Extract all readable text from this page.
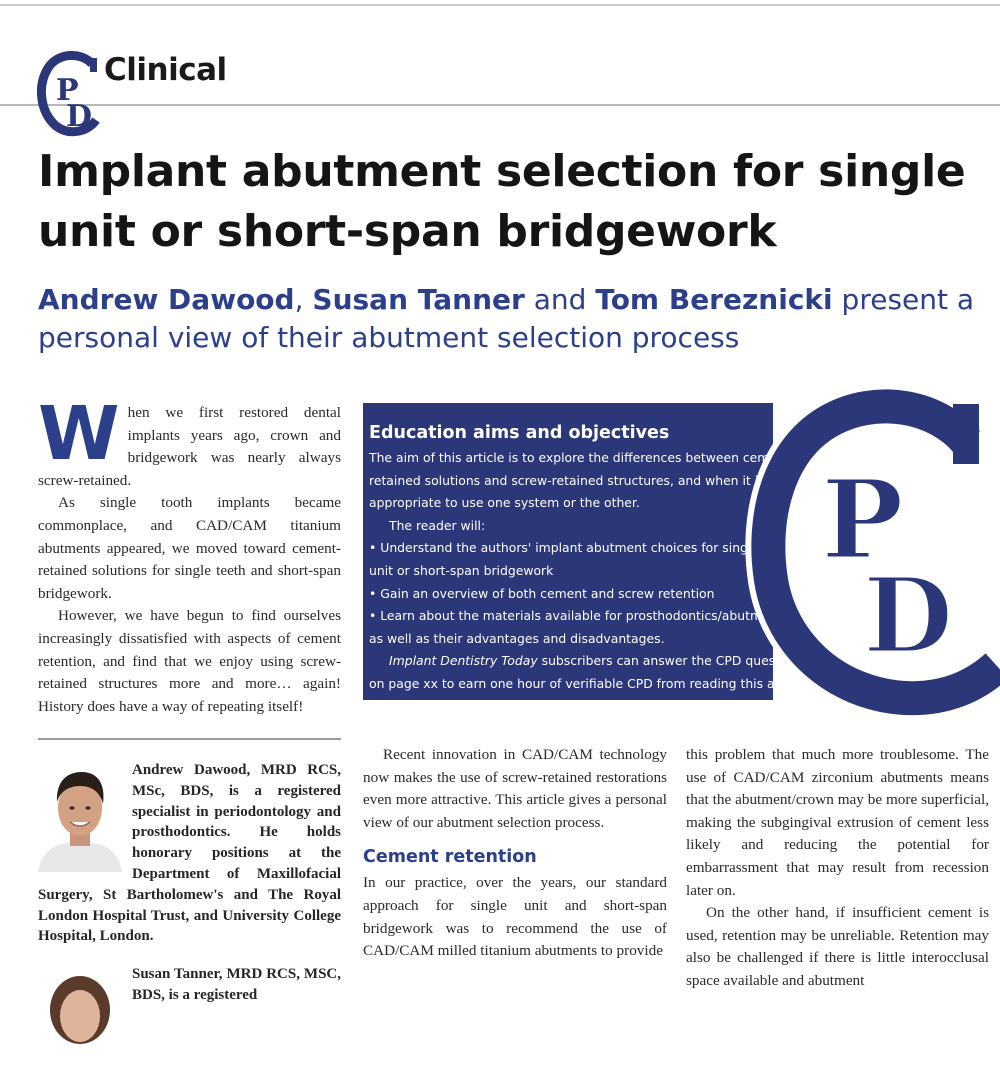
P
D
Clinical
Implant abutment selection for single unit or short-span bridgework
Andrew Dawood, Susan Tanner and Tom Bereznicki present a
personal view of their abutment selection process
W hen we first restored dental implants years ago, crown and bridgework was nearly always screw-retained.

As single tooth implants became commonplace, and CAD/CAM titanium abutments appeared, we moved toward cement-retained solutions for single teeth and short-span bridgework.

However, we have begun to find ourselves increasingly dissatisfied with aspects of cement retention, and find that we enjoy using screw-retained structures more and more… again! History does have a way of repeating itself!

Andrew Dawood, MRD RCS, MSc, BDS, is a registered specialist in periodontology and prosthodontics. He holds honorary positions at the Department of Maxillofacial Surgery, St Bartholomew's and The Royal London Hospital Trust, and University College Hospital, London.
Susan Tanner, MRD RCS, MSC, BDS, is a registered
Education aims and objectives
The aim of this article is to explore the differences between cement-
retained solutions and screw-retained structures, and when it is most
appropriate to use one system or the other.
The reader will:
• Understand the authors' implant abutment choices for single
unit or short-span bridgework
• Gain an overview of both cement and screw retention
• Learn about the materials available for prosthodontics/abutments,
as well as their advantages and disadvantages.
Implant Dentistry Today subscribers can answer the CPD questions
on page xx to earn one hour of verifiable CPD from reading this article.
P
D

Recent innovation in CAD/CAM technology now makes the use of screw-retained restorations even more attractive. This article gives a personal view of our abutment selection process.

Cement retention

In our practice, over the years, our standard approach for single unit and short-span bridgework was to recommend the use of CAD/CAM milled titanium abutments to provide

this problem that much more troublesome. The use of CAD/CAM zirconium abutments means that the abutment/crown may be more superficial, making the subgingival extrusion of cement less likely and reducing the potential for embarrassment that may result from recession later on.

On the other hand, if insufficient cement is used, retention may be unreliable. Retention may also be challenged if there is little interocclusal space available and abutment
